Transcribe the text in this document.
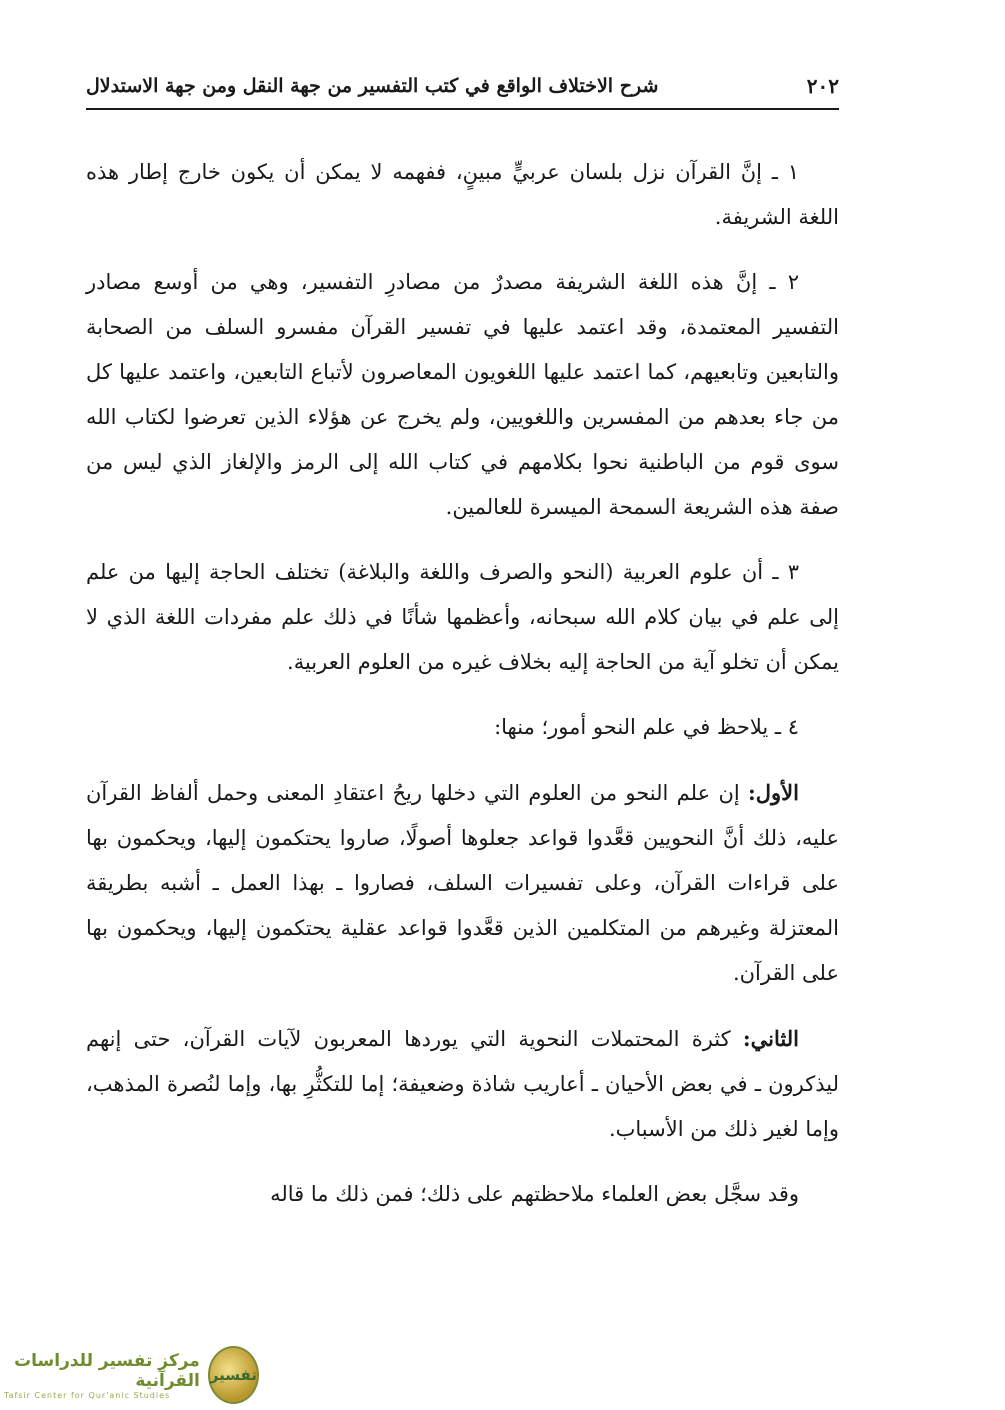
٢٠٢
شرح الاختلاف الواقع في كتب التفسير من جهة النقل ومن جهة الاستدلال

١ ـ إنَّ القرآن نزل بلسان عربيٍّ مبينٍ، ففهمه لا يمكن أن يكون خارج إطار هذه اللغة الشريفة.

٢ ـ إنَّ هذه اللغة الشريفة مصدرٌ من مصادرِ التفسير، وهي من أوسع مصادر التفسير المعتمدة، وقد اعتمد عليها في تفسير القرآن مفسرو السلف من الصحابة والتابعين وتابعيهم، كما اعتمد عليها اللغويون المعاصرون لأتباع التابعين، واعتمد عليها كل من جاء بعدهم من المفسرين واللغويين، ولم يخرج عن هؤلاء الذين تعرضوا لكتاب الله سوى قوم من الباطنية نحوا بكلامهم في كتاب الله إلى الرمز والإلغاز الذي ليس من صفة هذه الشريعة السمحة الميسرة للعالمين.

٣ ـ أن علوم العربية (النحو والصرف واللغة والبلاغة) تختلف الحاجة إليها من علم إلى علم في بيان كلام الله سبحانه، وأعظمها شأنًا في ذلك علم مفردات اللغة الذي لا يمكن أن تخلو آية من الحاجة إليه بخلاف غيره من العلوم العربية.

٤ ـ يلاحظ في علم النحو أمور؛ منها:

الأول: إن علم النحو من العلوم التي دخلها ريحُ اعتقادِ المعنى وحمل ألفاظ القرآن عليه، ذلك أنَّ النحويين قعَّدوا قواعد جعلوها أصولًا، صاروا يحتكمون إليها، ويحكمون بها على قراءات القرآن، وعلى تفسيرات السلف، فصاروا ـ بهذا العمل ـ أشبه بطريقة المعتزلة وغيرهم من المتكلمين الذين قعَّدوا قواعد عقلية يحتكمون إليها، ويحكمون بها على القرآن.

الثاني: كثرة المحتملات النحوية التي يوردها المعربون لآيات القرآن، حتى إنهم ليذكرون ـ في بعض الأحيان ـ أعاريب شاذة وضعيفة؛ إما للتكثُّرِ بها، وإما لنُصرة المذهب، وإما لغير ذلك من الأسباب.

وقد سجَّل بعض العلماء ملاحظتهم على ذلك؛ فمن ذلك ما قاله

تفسير
مركز تفسير للدراسات القرآنية
Tafsir Center for Qur'anic Studies
